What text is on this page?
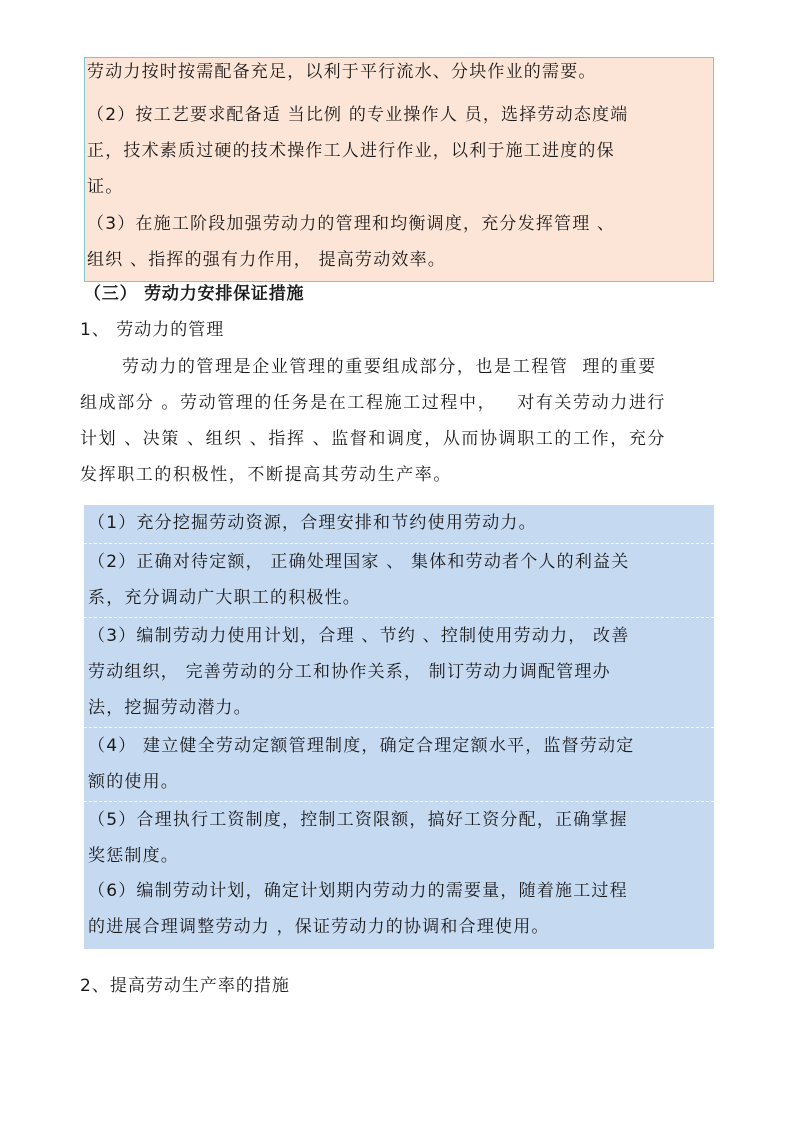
劳动力按时按需配备充足，以利于平行流水、分块作业的需要。
（2）按工艺要求配备适 当比例 的专业操作人 员，选择劳动态度端
正，技术素质过硬的技术操作工人进行作业，以利于施工进度的保
证。
（3）在施工阶段加强劳动力的管理和均衡调度，充分发挥管理 、
组织 、指挥的强有力作用， 提高劳动效率。
（三） 劳动力安排保证措施
1、 劳动力的管理
劳动力的管理是企业管理的重要组成部分，也是工程管  理的重要
组成部分 。劳动管理的任务是在工程施工过程中，   对有关劳动力进行
计划 、决策 、组织 、指挥 、监督和调度，从而协调职工的工作，充分
发挥职工的积极性，不断提高其劳动生产率。
（1）充分挖掘劳动资源，合理安排和节约使用劳动力。
（2）正确对待定额， 正确处理国家 、 集体和劳动者个人的利益关
系，充分调动广大职工的积极性。
（3）编制劳动力使用计划，合理 、节约 、控制使用劳动力， 改善
劳动组织， 完善劳动的分工和协作关系， 制订劳动力调配管理办
法，挖掘劳动潜力。
（4） 建立健全劳动定额管理制度，确定合理定额水平，监督劳动定
额的使用。
（5）合理执行工资制度，控制工资限额，搞好工资分配，正确掌握
奖惩制度。
（6）编制劳动计划，确定计划期内劳动力的需要量，随着施工过程
的进展合理调整劳动力 ，保证劳动力的协调和合理使用。
2、提高劳动生产率的措施
